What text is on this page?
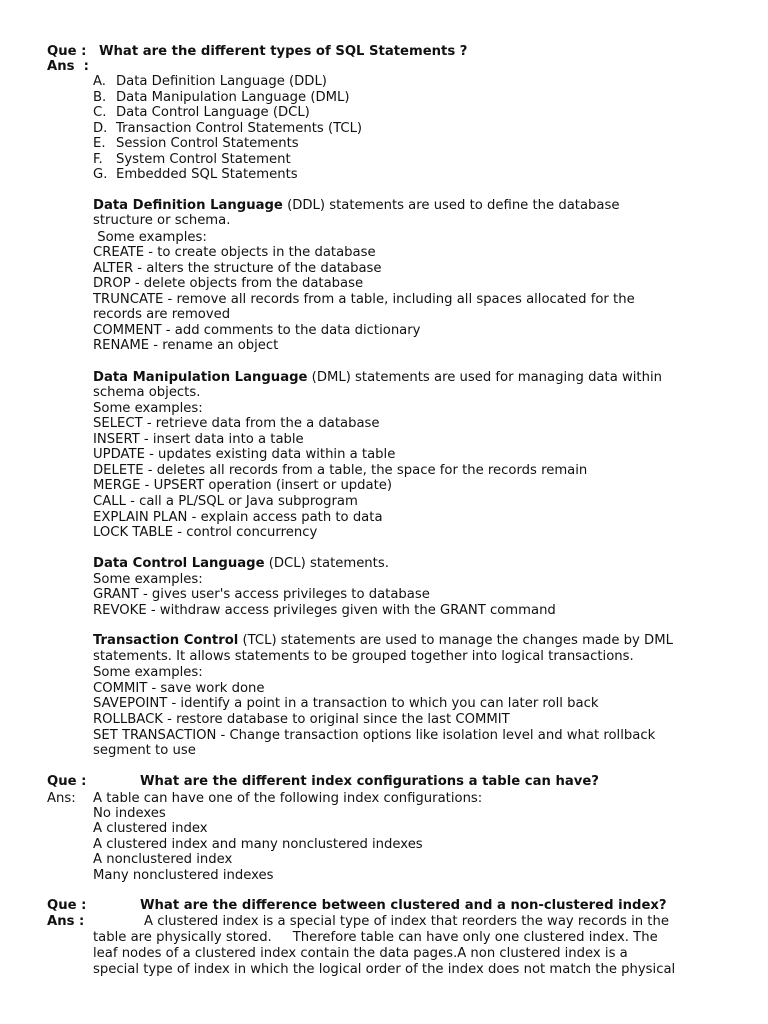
Que : What are the different types of SQL Statements ?
Ans  :
A. Data Definition Language (DDL)
B. Data Manipulation Language (DML)
C. Data Control Language (DCL)
D. Transaction Control Statements (TCL)
E. Session Control Statements
F. System Control Statement
G. Embedded SQL Statements
Data Definition Language (DDL) statements are used to define the database
structure or schema.
Some examples:
CREATE - to create objects in the database
ALTER - alters the structure of the database
DROP - delete objects from the database
TRUNCATE - remove all records from a table, including all spaces allocated for the
records are removed
COMMENT - add comments to the data dictionary
RENAME - rename an object
Data Manipulation Language (DML) statements are used for managing data within
schema objects.
Some examples:
SELECT - retrieve data from the a database
INSERT - insert data into a table
UPDATE - updates existing data within a table
DELETE - deletes all records from a table, the space for the records remain
MERGE - UPSERT operation (insert or update)
CALL - call a PL/SQL or Java subprogram
EXPLAIN PLAN - explain access path to data
LOCK TABLE - control concurrency
Data Control Language (DCL) statements.
Some examples:
GRANT - gives user's access privileges to database
REVOKE - withdraw access privileges given with the GRANT command
Transaction Control (TCL) statements are used to manage the changes made by DML
statements. It allows statements to be grouped together into logical transactions.
Some examples:
COMMIT - save work done
SAVEPOINT - identify a point in a transaction to which you can later roll back
ROLLBACK - restore database to original since the last COMMIT
SET TRANSACTION - Change transaction options like isolation level and what rollback
segment to use
Que :	What are the different index configurations a table can have?
Ans: A table can have one of the following index configurations:
No indexes
A clustered index
A clustered index and many nonclustered indexes
A nonclustered index
Many nonclustered indexes
Que :	What are the difference between clustered and a non-clustered index?
Ans :	A clustered index is a special type of index that reorders the way records in the
table are physically stored.     Therefore table can have only one clustered index. The
leaf nodes of a clustered index contain the data pages.A non clustered index is a
special type of index in which the logical order of the index does not match the physical
